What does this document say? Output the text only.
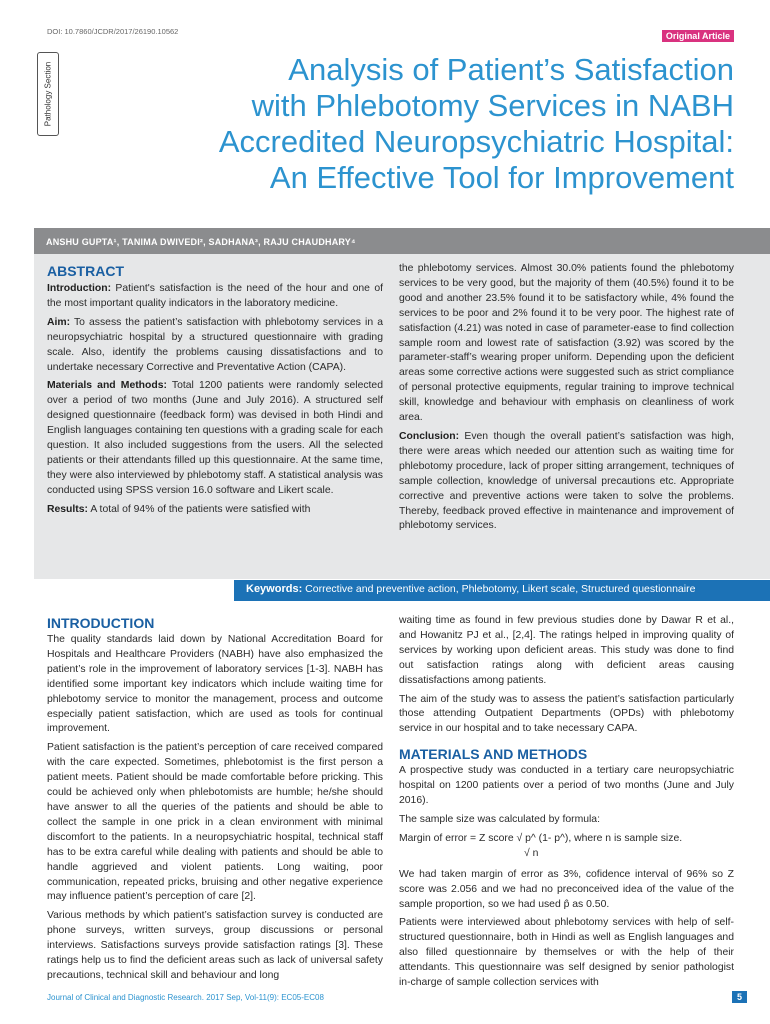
DOI: 10.7860/JCDR/2017/26190.10562	Original Article
Pathology Section	Analysis of Patient’s Satisfaction
with Phlebotomy Services in NABH
Accredited Neuropsychiatric Hospital:
An Effective Tool for Improvement
ANSHU GUPTA¹, TANIMA DWIVEDI², SADHANA³, RAJU CHAUDHARY⁴
ABSTRACT

Introduction: Patient's satisfaction is the need of the hour and one of the most important quality indicators in the laboratory medicine.

Aim: To assess the patient’s satisfaction with phlebotomy services in a neuropsychiatric hospital by a structured questionnaire with grading scale. Also, identify the problems causing dissatisfactions and to undertake necessary Corrective and Preventative Action (CAPA).

Materials and Methods: Total 1200 patients were randomly selected over a period of two months (June and July 2016). A structured self designed questionnaire (feedback form) was devised in both Hindi and English languages containing ten questions with a grading scale for each question. It also included suggestions from the users. All the selected patients or their attendants filled up this questionnaire. At the same time, they were also interviewed by phlebotomy staff. A statistical analysis was conducted using SPSS version 16.0 software and Likert scale.

Results: A total of 94% of the patients were satisfied with

the phlebotomy services. Almost 30.0% patients found the phlebotomy services to be very good, but the majority of them (40.5%) found it to be good and another 23.5% found it to be satisfactory while, 4% found the services to be poor and 2% found it to be very poor. The highest rate of satisfaction (4.21) was noted in case of parameter-ease to find collection sample room and lowest rate of satisfaction (3.92) was scored by the parameter-staff’s wearing proper uniform. Depending upon the deficient areas some corrective actions were suggested such as strict compliance of personal protective equipments, regular training to improve technical skill, knowledge and behaviour with emphasis on cleanliness of work area.

Conclusion: Even though the overall patient’s satisfaction was high, there were areas which needed our attention such as waiting time for phlebotomy procedure, lack of proper sitting arrangement, techniques of sample collection, knowledge of universal precautions etc. Appropriate corrective and preventive actions were taken to solve the problems. Thereby, feedback proved effective in maintenance and improvement of phlebotomy services.

Keywords: Corrective and preventive action, Phlebotomy, Likert scale, Structured questionnaire
INTRODUCTION

The quality standards laid down by National Accreditation Board for Hospitals and Healthcare Providers (NABH) have also emphasized the patient’s role in the improvement of laboratory services [1-3]. NABH has identified some important key indicators which include waiting time for phlebotomy service to monitor the management, process and outcome especially patient satisfaction, which are used as tools for continual improvement.

Patient satisfaction is the patient’s perception of care received compared with the care expected. Sometimes, phlebotomist is the first person a patient meets. Patient should be made comfortable before pricking. This could be achieved only when phlebotomists are humble; he/she should have answer to all the queries of the patients and should be able to collect the sample in one prick in a clean environment with minimal discomfort to the patients. In a neuropsychiatric hospital, technical staff has to be extra careful while dealing with patients and should be able to handle aggrieved and violent patients. Long waiting, poor communication, repeated pricks, bruising and other negative experience may influence patient’s perception of care [2].

Various methods by which patient’s satisfaction survey is conducted are phone surveys, written surveys, group discussions or personal interviews. Satisfactions surveys provide satisfaction ratings [3]. These ratings help us to find the deficient areas such as lack of universal safety precautions, technical skill and behaviour and long

waiting time as found in few previous studies done by Dawar R et al., and Howanitz PJ et al., [2,4]. The ratings helped in improving quality of services by working upon deficient areas. This study was done to find out satisfaction ratings along with deficient areas causing dissatisfactions among patients.

The aim of the study was to assess the patient’s satisfaction particularly those attending Outpatient Departments (OPDs) with phlebotomy service in our hospital and to take necessary CAPA.

MATERIALS AND METHODS

A prospective study was conducted in a tertiary care neuropsychiatric hospital on 1200 patients over a period of two months (June and July 2016).

The sample size was calculated by formula:

Margin of error = Z score √ p^ (1- p^), where n is sample size.
√ n

We had taken margin of error as 3%, cofidence interval of 96% so Z score was 2.056 and we had no preconceived idea of the value of the sample proportion, so we had used p̂ as 0.50.

Patients were interviewed about phlebotomy services with help of self- structured questionnaire, both in Hindi as well as English languages and also filled questionnaire by themselves or with the help of their attendants. This questionnaire was self designed by senior pathologist in-charge of sample collection services with

Journal of Clinical and Diagnostic Research. 2017 Sep, Vol-11(9): EC05-EC08	5
